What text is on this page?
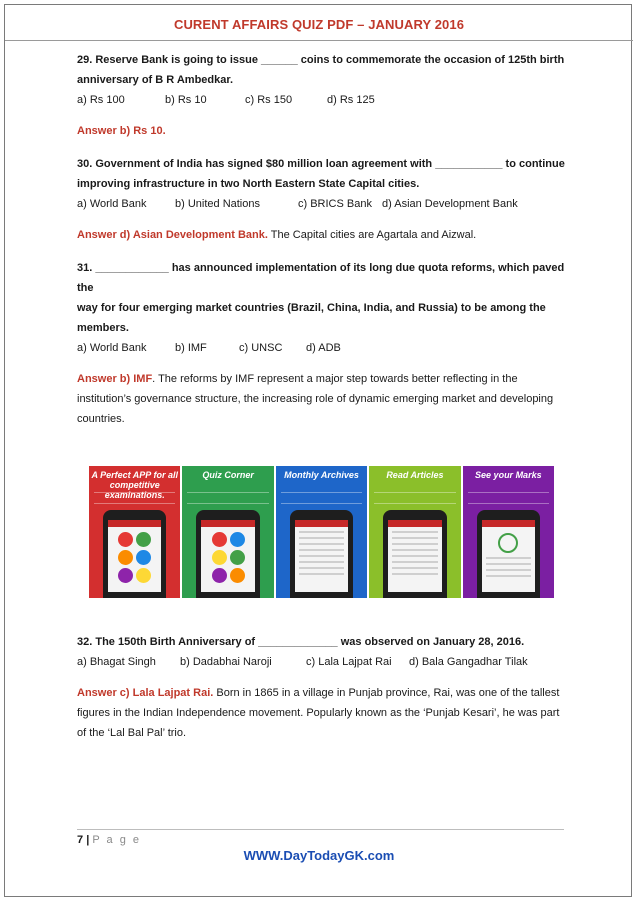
CURENT AFFAIRS QUIZ PDF – JANUARY 2016
29. Reserve Bank is going to issue ______ coins to commemorate the occasion of 125th birth
anniversary of B R Ambedkar.
a) Rs 100	b) Rs 10	c) Rs 150	d) Rs 125
Answer b) Rs 10.
30. Government of India has signed $80 million loan agreement with ___________ to continue
improving infrastructure in two North Eastern State Capital cities.
a) World Bank	b) United Nations	c) BRICS Bank d) Asian Development Bank
Answer d) Asian Development Bank. The Capital cities are Agartala and Aizwal.
31. ____________ has announced implementation of its long due quota reforms, which paved the
way for four emerging market countries (Brazil, China, India, and Russia) to be among the
members.
a) World Bank	b) IMF	c) UNSC	d) ADB
Answer b) IMF. The reforms by IMF represent a major step towards better reflecting in the
institution’s governance structure, the increasing role of dynamic emerging market and developing
countries.
A Perfect APP for all competitive examinations.
Quiz Corner	Monthly Archives	Read Articles	See your Marks
32. The 150th Birth Anniversary of _____________ was observed on January 28, 2016.
a) Bhagat Singh	b) Dadabhai Naroji	c) Lala Lajpat Rai	d) Bala Gangadhar Tilak
Answer c) Lala Lajpat Rai. Born in 1865 in a village in Punjab province, Rai, was one of the tallest
figures in the Indian Independence movement. Popularly known as the ‘Punjab Kesari’, he was part
of the ‘Lal Bal Pal’ trio.
7 | P a g e
WWW.DayTodayGK.com
